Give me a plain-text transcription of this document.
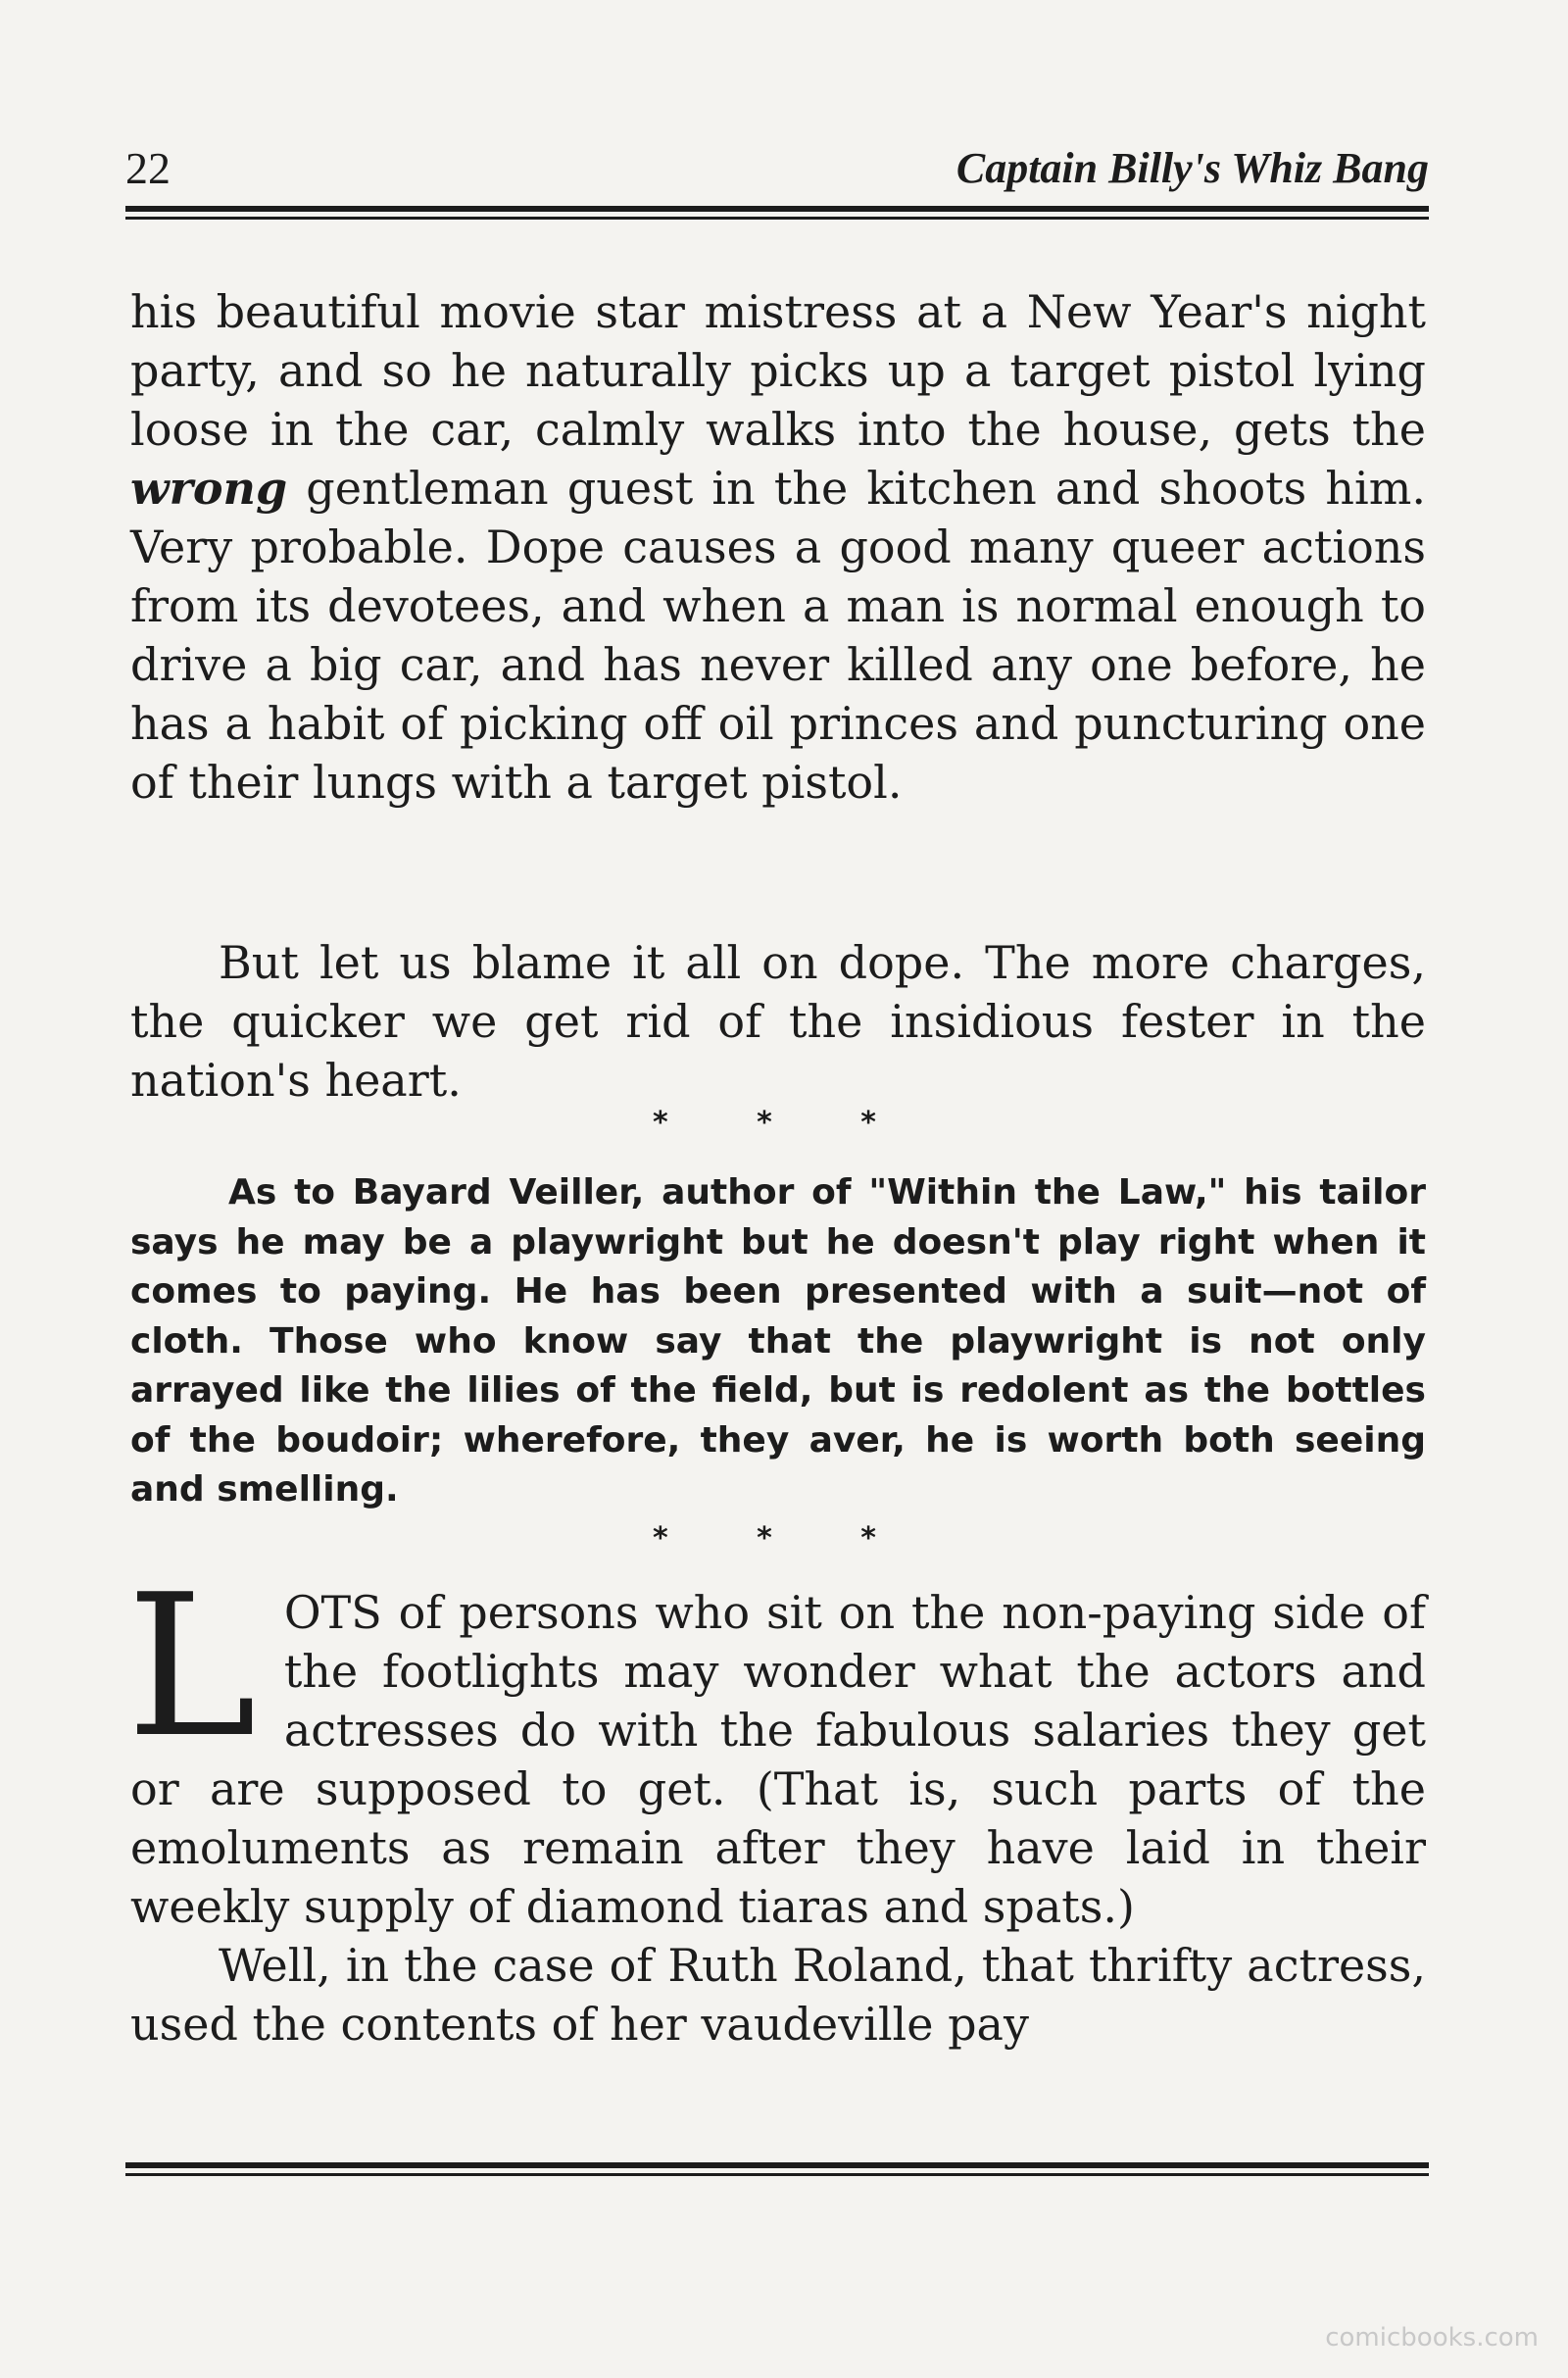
22	Captain Billy's Whiz Bang

his beautiful movie star mistress at a New Year's night party, and so he naturally picks up a target pistol lying loose in the car, calmly walks into the house, gets the wrong gentleman guest in the kitchen and shoots him. Very probable. Dope causes a good many queer actions from its devotees, and when a man is normal enough to drive a big car, and has never killed any one before, he has a habit of picking off oil princes and puncturing one of their lungs with a target pistol.

But let us blame it all on dope. The more charges, the quicker we get rid of the insidious fester in the nation's heart.

* * *

As to Bayard Veiller, author of "Within the Law," his tailor says he may be a playwright but he doesn't play right when it comes to paying. He has been presented with a suit—not of cloth. Those who know say that the playwright is not only arrayed like the lilies of the field, but is redolent as the bottles of the boudoir; wherefore, they aver, he is worth both seeing and smelling.

* * *
L OTS of persons who sit on the non-paying side of the footlights may wonder what the actors and actresses do with the fabulous salaries they get or are supposed to get. (That is, such parts of the emoluments as remain after they have laid in their weekly supply of diamond tiaras and spats.)

Well, in the case of Ruth Roland, that thrifty actress, used the contents of her vaudeville pay

comicbooks.com
